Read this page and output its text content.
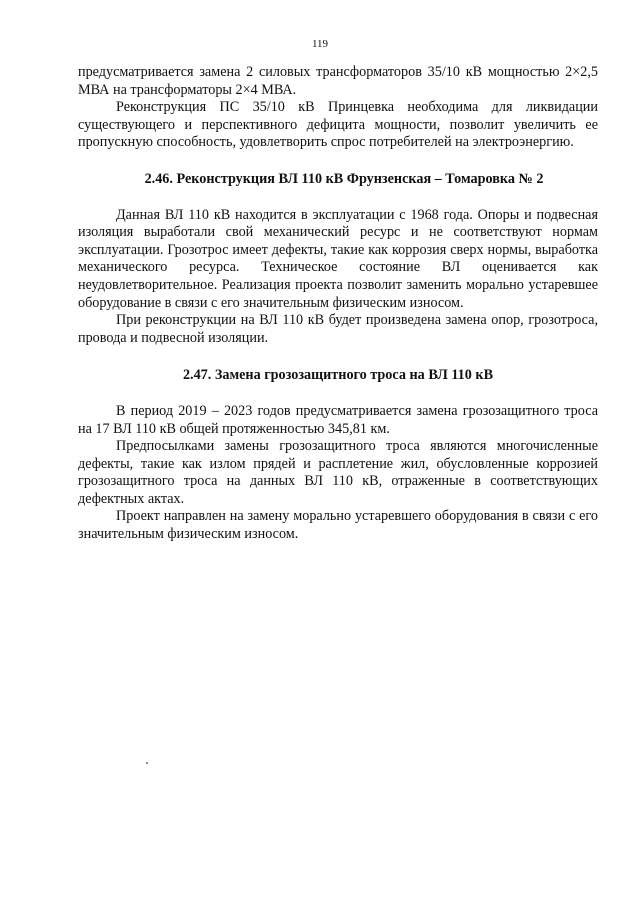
119

предусматривается замена 2 силовых трансформаторов 35/10 кВ мощностью 2×2,5 МВА на трансформаторы 2×4 МВА.

Реконструкция ПС 35/10 кВ Принцевка необходима для ликвидации существующего и перспективного дефицита мощности, позволит увеличить ее пропускную способность, удовлетворить спрос потребителей на электроэнергию.

2.46. Реконструкция ВЛ 110 кВ Фрунзенская – Томаровка № 2

Данная ВЛ 110 кВ находится в эксплуатации с 1968 года. Опоры и подвесная изоляция выработали свой механический ресурс и не соответствуют нормам эксплуатации. Грозотрос имеет дефекты, такие как коррозия сверх нормы, выработка механического ресурса. Техническое состояние ВЛ оценивается как неудовлетворительное. Реализация проекта позволит заменить морально устаревшее оборудование в связи с его значительным физическим износом.

При реконструкции на ВЛ 110 кВ будет произведена замена опор, грозотроса, провода и подвесной изоляции.

2.47. Замена грозозащитного троса на ВЛ 110 кВ

В период 2019 – 2023 годов предусматривается замена грозозащитного троса на 17 ВЛ 110 кВ общей протяженностью 345,81 км.

Предпосылками замены грозозащитного троса являются многочисленные дефекты, такие как излом прядей и расплетение жил, обусловленные коррозией грозозащитного троса на данных ВЛ 110 кВ, отраженные в соответствующих дефектных актах.

Проект направлен на замену морально устаревшего оборудования в связи с его значительным физическим износом.
